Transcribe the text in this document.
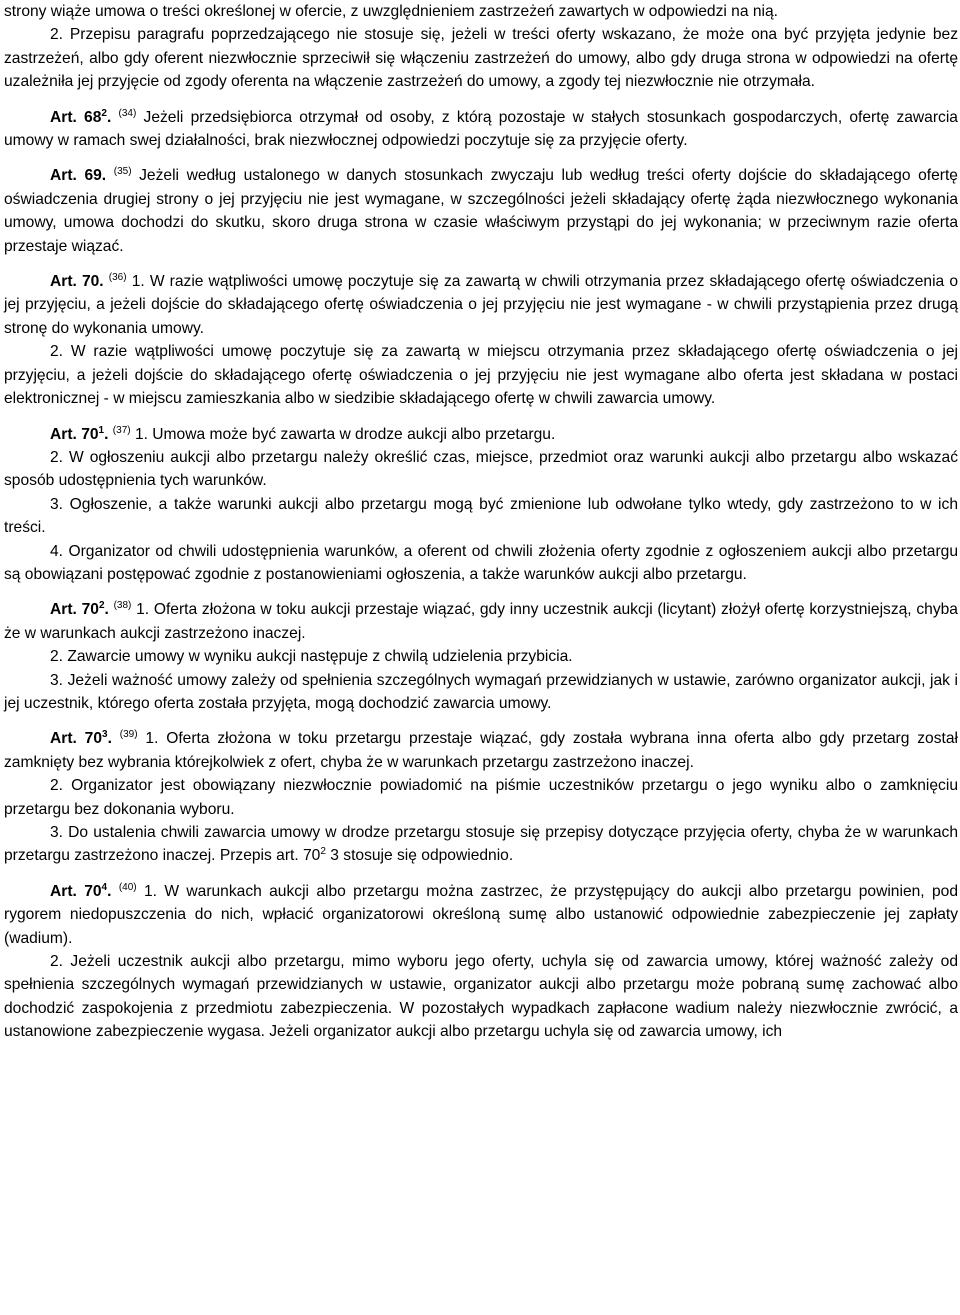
strony wiąże umowa o treści określonej w ofercie, z uwzględnieniem zastrzeżeń zawartych w odpowiedzi na nią.

2. Przepisu paragrafu poprzedzającego nie stosuje się, jeżeli w treści oferty wskazano, że może ona być przyjęta jedynie bez zastrzeżeń, albo gdy oferent niezwłocznie sprzeciwił się włączeniu zastrzeżeń do umowy, albo gdy druga strona w odpowiedzi na ofertę uzależniła jej przyjęcie od zgody oferenta na włączenie zastrzeżeń do umowy, a zgody tej niezwłocznie nie otrzymała.

Art. $68^2$. $^{(34)}$ Jeżeli przedsiębiorca otrzymał od osoby, z którą pozostaje w stałych stosunkach gospodarczych, ofertę zawarcia umowy w ramach swej działalności, brak niezwłocznej odpowiedzi poczytuje się za przyjęcie oferty.

Art. 69. $^{(35)}$ Jeżeli według ustalonego w danych stosunkach zwyczaju lub według treści oferty dojście do składającego ofertę oświadczenia drugiej strony o jej przyjęciu nie jest wymagane, w szczególności jeżeli składający ofertę żąda niezwłocznego wykonania umowy, umowa dochodzi do skutku, skoro druga strona w czasie właściwym przystąpi do jej wykonania; w przeciwnym razie oferta przestaje wiązać.

Art. 70. $^{(36)}$ 1. W razie wątpliwości umowę poczytuje się za zawartą w chwili otrzymania przez składającego ofertę oświadczenia o jej przyjęciu, a jeżeli dojście do składającego ofertę oświadczenia o jej przyjęciu nie jest wymagane - w chwili przystąpienia przez drugą stronę do wykonania umowy.

2. W razie wątpliwości umowę poczytuje się za zawartą w miejscu otrzymania przez składającego ofertę oświadczenia o jej przyjęciu, a jeżeli dojście do składającego ofertę oświadczenia o jej przyjęciu nie jest wymagane albo oferta jest składana w postaci elektronicznej - w miejscu zamieszkania albo w siedzibie składającego ofertę w chwili zawarcia umowy.

Art. $70^1$. $^{(37)}$ 1. Umowa może być zawarta w drodze aukcji albo przetargu.

2. W ogłoszeniu aukcji albo przetargu należy określić czas, miejsce, przedmiot oraz warunki aukcji albo przetargu albo wskazać sposób udostępnienia tych warunków.

3. Ogłoszenie, a także warunki aukcji albo przetargu mogą być zmienione lub odwołane tylko wtedy, gdy zastrzeżono to w ich treści.

4. Organizator od chwili udostępnienia warunków, a oferent od chwili złożenia oferty zgodnie z ogłoszeniem aukcji albo przetargu są obowiązani postępować zgodnie z postanowieniami ogłoszenia, a także warunków aukcji albo przetargu.

Art. $70^2$. $^{(38)}$ 1. Oferta złożona w toku aukcji przestaje wiązać, gdy inny uczestnik aukcji (licytant) złożył ofertę korzystniejszą, chyba że w warunkach aukcji zastrzeżono inaczej.

2. Zawarcie umowy w wyniku aukcji następuje z chwilą udzielenia przybicia.

3. Jeżeli ważność umowy zależy od spełnienia szczególnych wymagań przewidzianych w ustawie, zarówno organizator aukcji, jak i jej uczestnik, którego oferta została przyjęta, mogą dochodzić zawarcia umowy.

Art. $70^3$. $^{(39)}$ 1. Oferta złożona w toku przetargu przestaje wiązać, gdy została wybrana inna oferta albo gdy przetarg został zamknięty bez wybrania którejkolwiek z ofert, chyba że w warunkach przetargu zastrzeżono inaczej.

2. Organizator jest obowiązany niezwłocznie powiadomić na piśmie uczestników przetargu o jego wyniku albo o zamknięciu przetargu bez dokonania wyboru.

3. Do ustalenia chwili zawarcia umowy w drodze przetargu stosuje się przepisy dotyczące przyjęcia oferty, chyba że w warunkach przetargu zastrzeżono inaczej. Przepis art. $70^2$ 3 stosuje się odpowiednio.

Art. $70^4$. $^{(40)}$ 1. W warunkach aukcji albo przetargu można zastrzec, że przystępujący do aukcji albo przetargu powinien, pod rygorem niedopuszczenia do nich, wpłacić organizatorowi określoną sumę albo ustanowić odpowiednie zabezpieczenie jej zapłaty (wadium).

2. Jeżeli uczestnik aukcji albo przetargu, mimo wyboru jego oferty, uchyla się od zawarcia umowy, której ważność zależy od spełnienia szczególnych wymagań przewidzianych w ustawie, organizator aukcji albo przetargu może pobraną sumę zachować albo dochodzić zaspokojenia z przedmiotu zabezpieczenia. W pozostałych wypadkach zapłacone wadium należy niezwłocznie zwrócić, a ustanowione zabezpieczenie wygasa. Jeżeli organizator aukcji albo przetargu uchyla się od zawarcia umowy, ich
